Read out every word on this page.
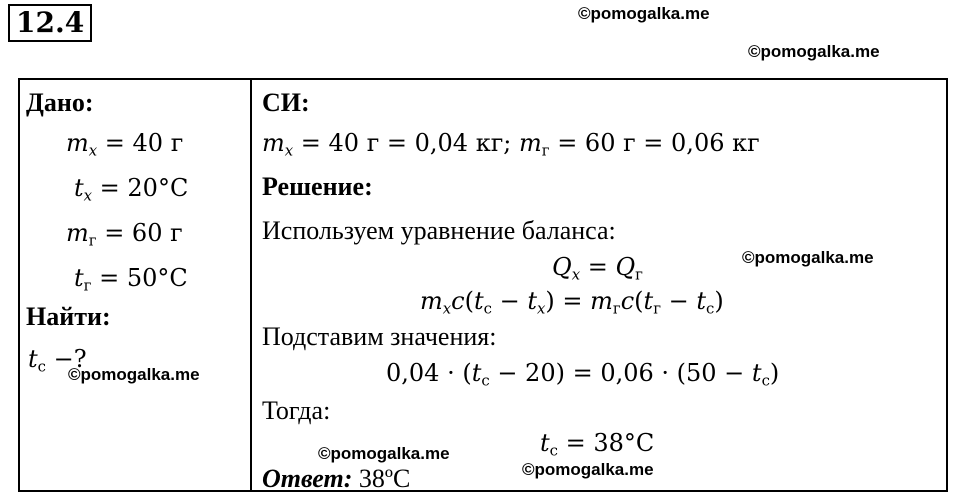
12.4	©pomogalka.me
©pomogalka.me
©pomogalka.me
©pomogalka.me
©pomogalka.me
©pomogalka.me
Дано:
$m_x = 40$ г
$t_x = 20^\circ C$
$m_г = 60$ г
$t_г = 50^\circ C$
Найти:
$t_c$ −?
СИ:
$m_x = 40$ г = 0,04 кг; $m_г = 60$ г = 0,06 кг
Решение:
Используем уравнение баланса:
$Q_x = Q_г$
$m_xc(t_c - t_x) = m_гc(t_г - t_c)$
Подставим значения:
$0,04 \cdot (t_c - 20) = 0,06 \cdot (50 - t_c)$
Тогда:
$t_c = 38^\circ C$
Ответ: 38ºC
